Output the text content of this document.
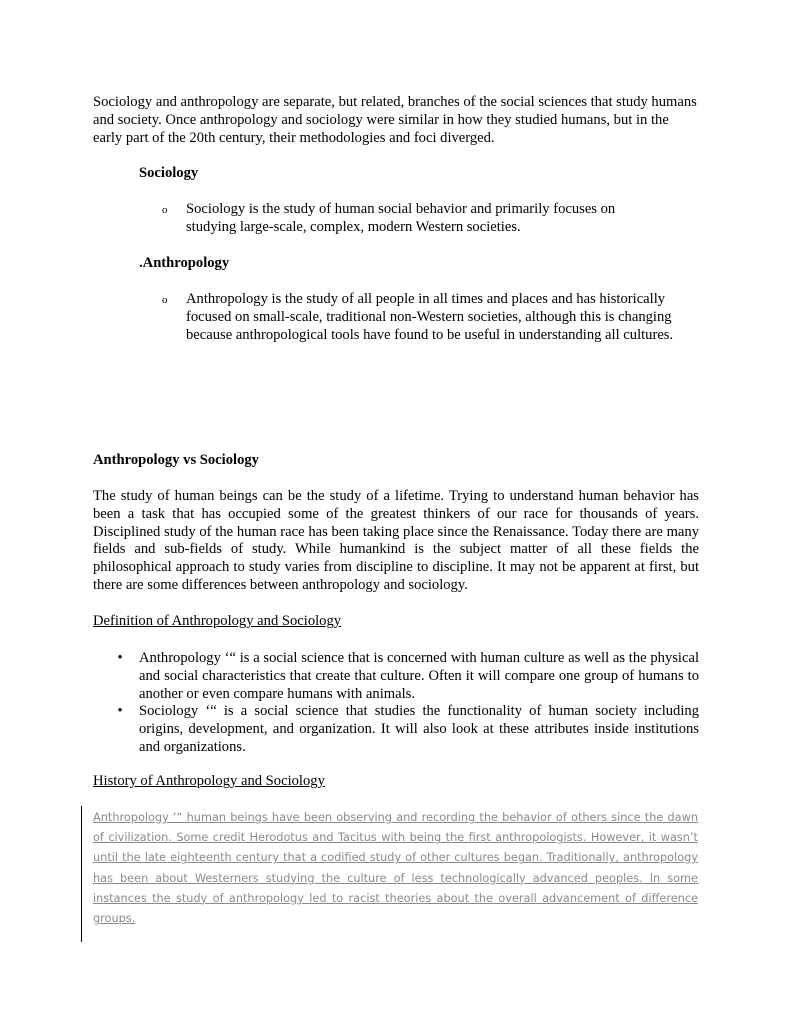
Sociology and anthropology are separate, but related, branches of the social sciences that study humans and society. Once anthropology and sociology were similar in how they studied humans, but in the early part of the 20th century, their methodologies and foci diverged.

Sociology

o Sociology is the study of human social behavior and primarily focuses on studying large-scale, complex, modern Western societies.

.Anthropology

o Anthropology is the study of all people in all times and places and has historically focused on small-scale, traditional non-Western societies, although this is changing because anthropological tools have found to be useful in understanding all cultures.

Anthropology vs Sociology

The study of human beings can be the study of a lifetime. Trying to understand human behavior has been a task that has occupied some of the greatest thinkers of our race for thousands of years. Disciplined study of the human race has been taking place since the Renaissance. Today there are many fields and sub-fields of study. While humankind is the subject matter of all these fields the philosophical approach to study varies from discipline to discipline. It may not be apparent at first, but there are some differences between anthropology and sociology.

Definition of Anthropology and Sociology

•	Anthropology ‘“ is a social science that is concerned with human culture as well as the physical and social characteristics that create that culture. Often it will compare one group of humans to another or even compare humans with animals.

•	Sociology ‘“ is a social science that studies the functionality of human society including origins, development, and organization. It will also look at these attributes inside institutions and organizations.

History of Anthropology and Sociology

Anthropology ‘“ human beings have been observing and recording the behavior of others since the dawn of civilization. Some credit Herodotus and Tacitus with being the first anthropologists. However, it wasn’t until the late eighteenth century that a codified study of other cultures began. Traditionally, anthropology has been about Westerners studying the culture of less technologically advanced peoples. In some instances the study of anthropology led to racist theories about the overall advancement of difference groups.
